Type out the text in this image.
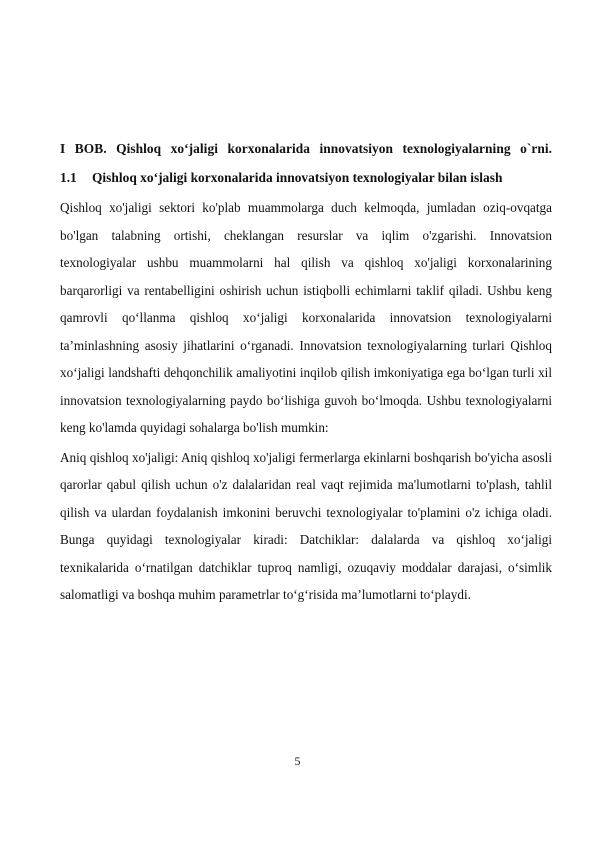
I BOB. Qishloq xo‘jaligi korxonalarida innovatsiyon texnologiyalarning o`rni.

1.1	Qishloq xo‘jaligi korxonalarida innovatsiyon texnologiyalar bilan islash

Qishloq xo'jaligi sektori ko'plab muammolarga duch kelmoqda, jumladan oziq-ovqatga bo'lgan talabning ortishi, cheklangan resurslar va iqlim o'zgarishi. Innovatsion texnologiyalar ushbu muammolarni hal qilish va qishloq xo'jaligi korxonalarining barqarorligi va rentabelligini oshirish uchun istiqbolli echimlarni taklif qiladi. Ushbu keng qamrovli qo‘llanma qishloq xo‘jaligi korxonalarida innovatsion texnologiyalarni taʼminlashning asosiy jihatlarini oʻrganadi. Innovatsion texnologiyalarning turlari Qishloq xo‘jaligi landshafti dehqonchilik amaliyotini inqilob qilish imkoniyatiga ega bo‘lgan turli xil innovatsion texnologiyalarning paydo bo‘lishiga guvoh bo‘lmoqda. Ushbu texnologiyalarni keng ko'lamda quyidagi sohalarga bo'lish mumkin:

Aniq qishloq xo'jaligi: Aniq qishloq xo'jaligi fermerlarga ekinlarni boshqarish bo'yicha asosli qarorlar qabul qilish uchun o'z dalalaridan real vaqt rejimida ma'lumotlarni to'plash, tahlil qilish va ulardan foydalanish imkonini beruvchi texnologiyalar to'plamini o'z ichiga oladi. Bunga quyidagi texnologiyalar kiradi: Datchiklar: dalalarda va qishloq xoʻjaligi texnikalarida oʻrnatilgan datchiklar tuproq namligi, ozuqaviy moddalar darajasi, oʻsimlik salomatligi va boshqa muhim parametrlar toʻgʻrisida maʼlumotlarni toʻplaydi.

5
